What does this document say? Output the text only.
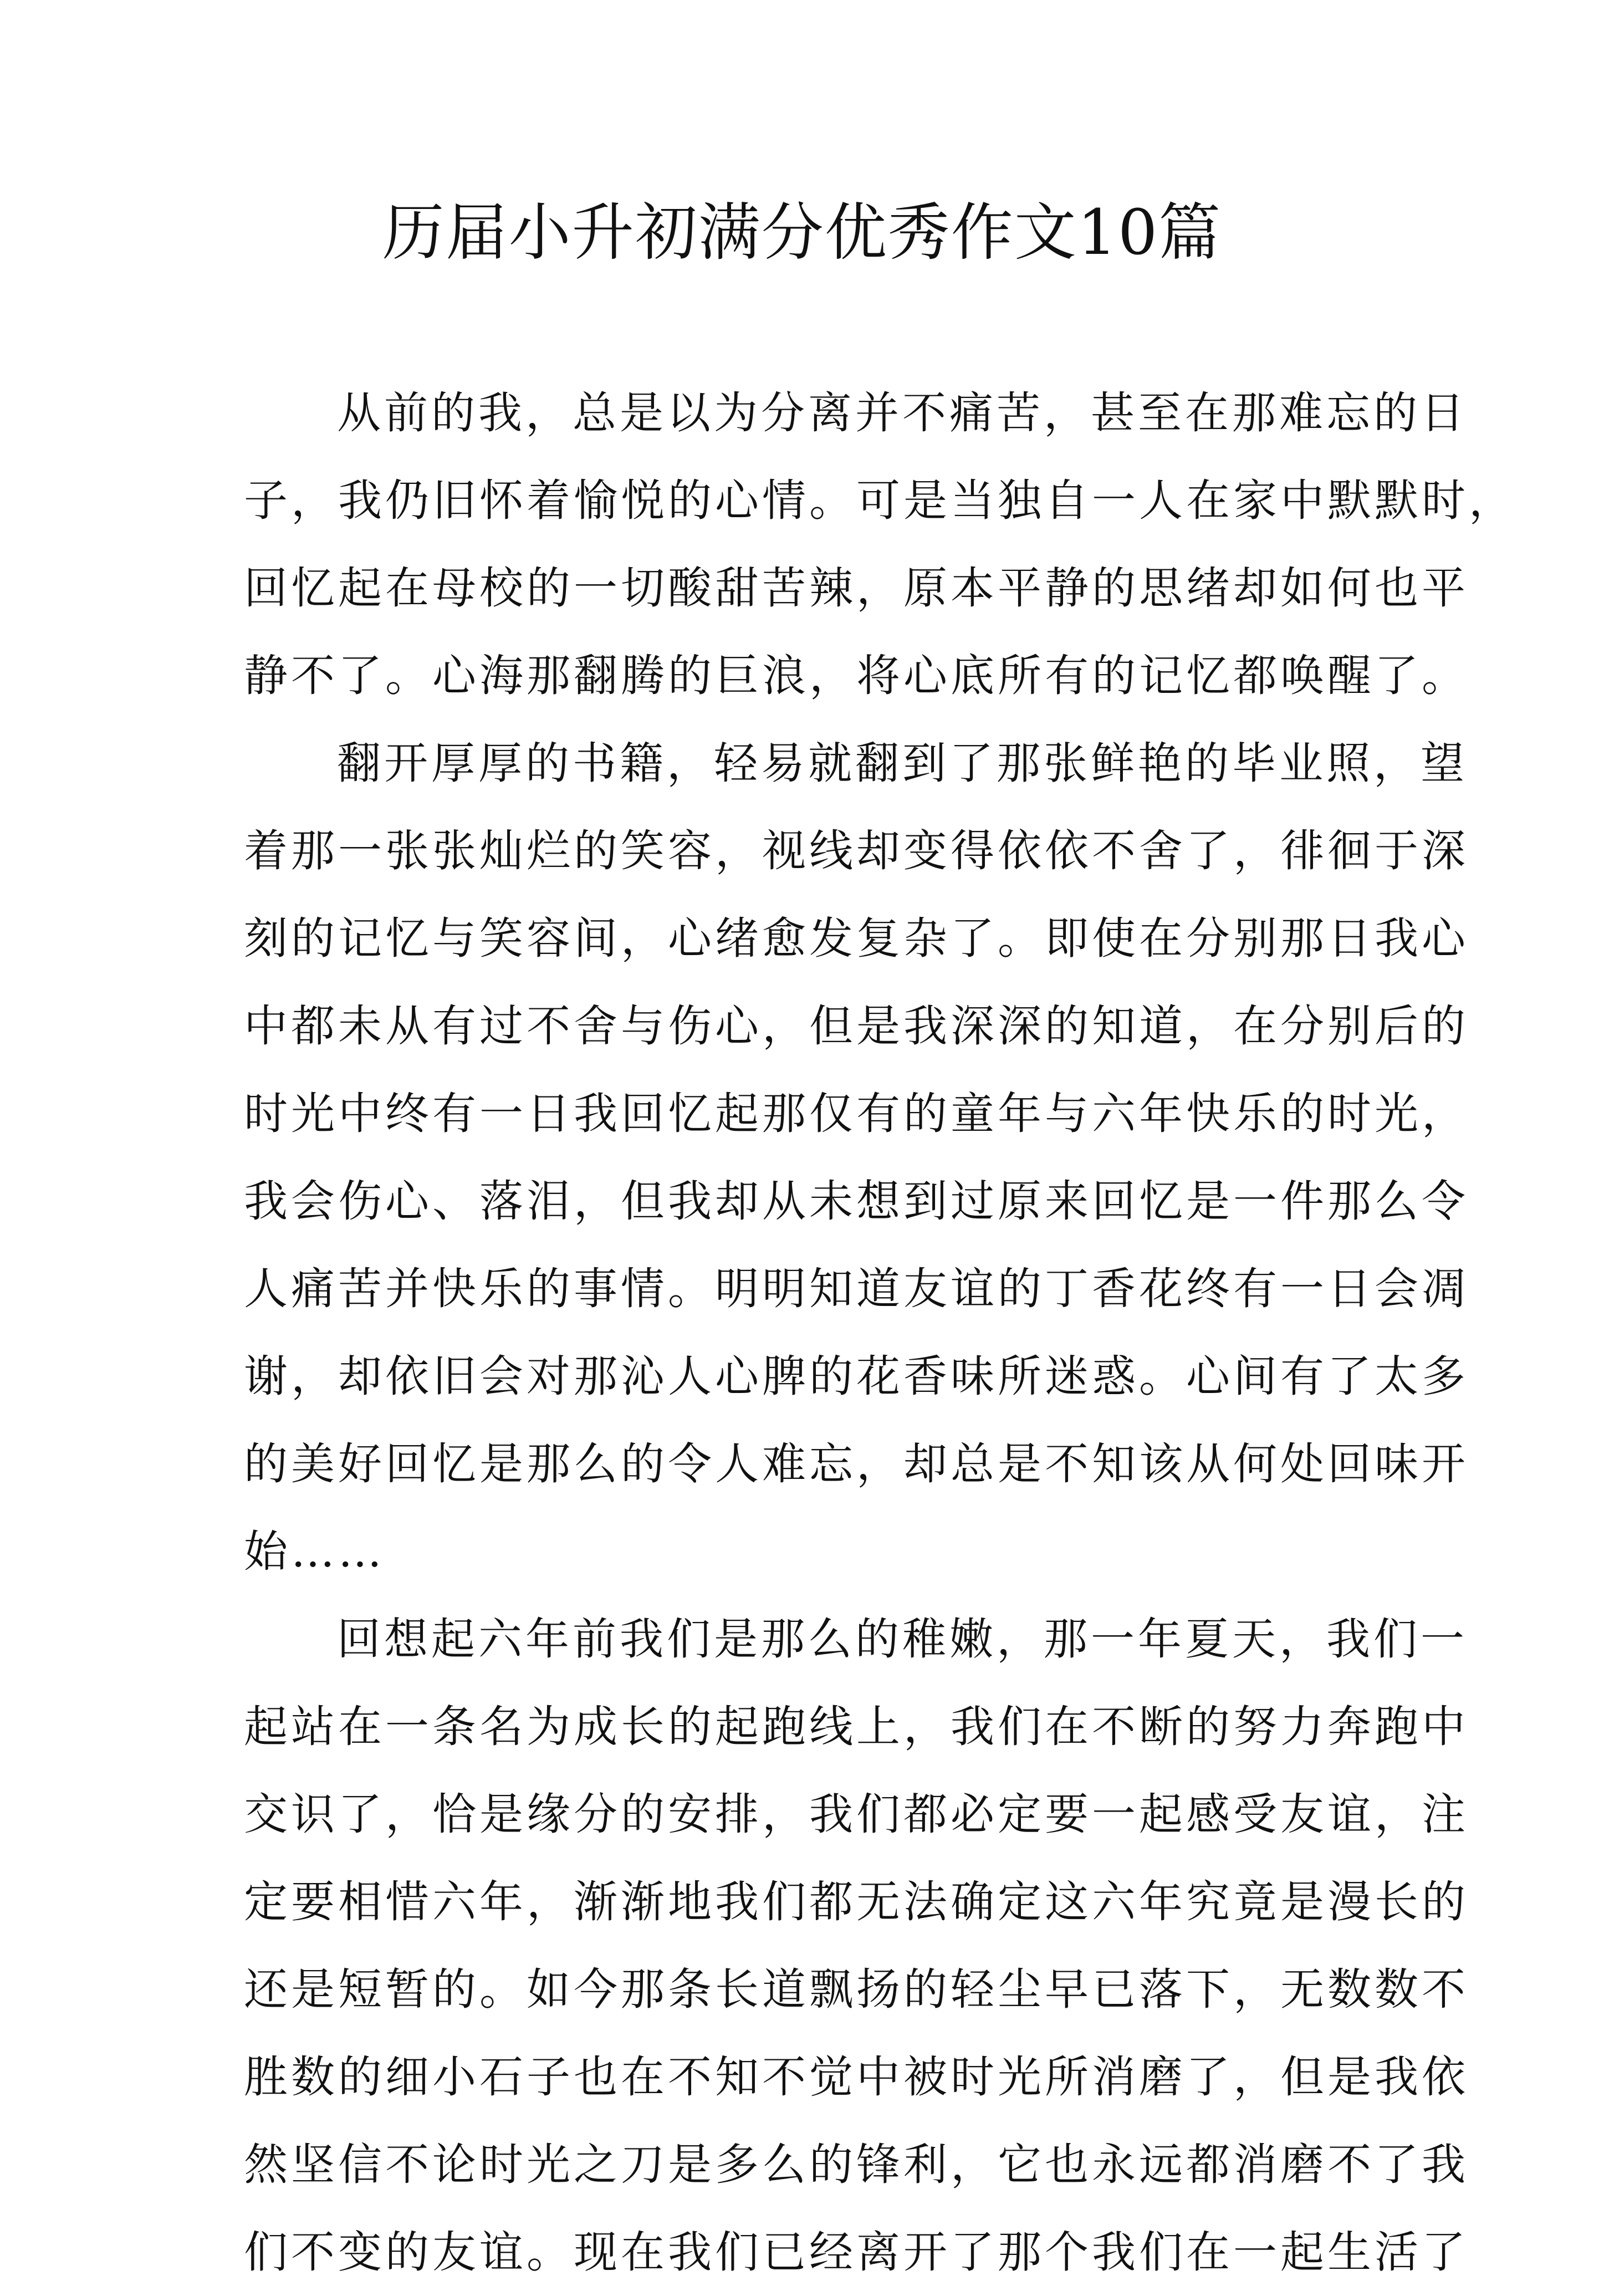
历届小升初满分优秀作文10篇
从前的我，总是以为分离并不痛苦，甚至在那难忘的日
子，我仍旧怀着愉悦的心情。可是当独自一人在家中默默时，
回忆起在母校的一切酸甜苦辣，原本平静的思绪却如何也平
静不了。心海那翻腾的巨浪，将心底所有的记忆都唤醒了。
翻开厚厚的书籍，轻易就翻到了那张鲜艳的毕业照，望
着那一张张灿烂的笑容，视线却变得依依不舍了，徘徊于深
刻的记忆与笑容间，心绪愈发复杂了。即使在分别那日我心
中都未从有过不舍与伤心，但是我深深的知道，在分别后的
时光中终有一日我回忆起那仅有的童年与六年快乐的时光，
我会伤心、落泪，但我却从未想到过原来回忆是一件那么令
人痛苦并快乐的事情。明明知道友谊的丁香花终有一日会凋
谢，却依旧会对那沁人心脾的花香味所迷惑。心间有了太多
的美好回忆是那么的令人难忘，却总是不知该从何处回味开
始……
回想起六年前我们是那么的稚嫩，那一年夏天，我们一
起站在一条名为成长的起跑线上，我们在不断的努力奔跑中
交识了，恰是缘分的安排，我们都必定要一起感受友谊，注
定要相惜六年，渐渐地我们都无法确定这六年究竟是漫长的
还是短暂的。如今那条长道飘扬的轻尘早已落下，无数数不
胜数的细小石子也在不知不觉中被时光所消磨了，但是我依
然坚信不论时光之刀是多么的锋利，它也永远都消磨不了我
们不变的友谊。现在我们已经离开了那个我们在一起生活了
